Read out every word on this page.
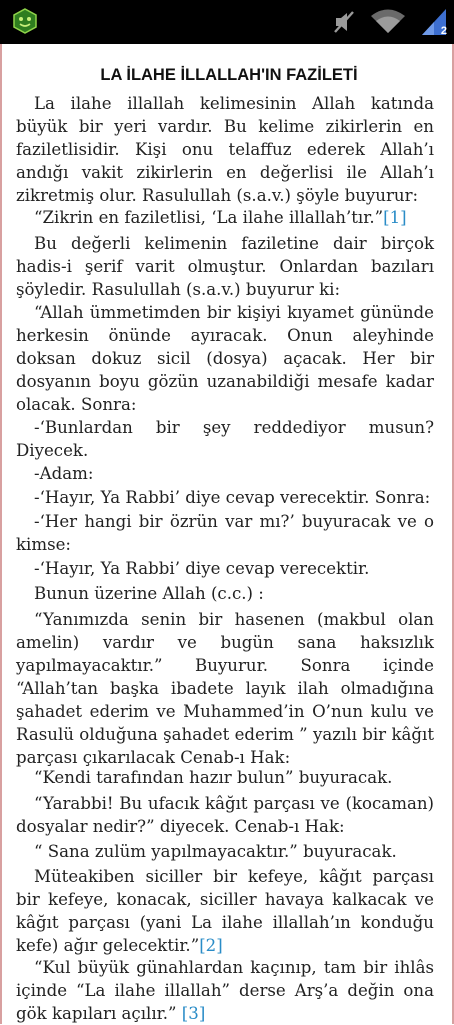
2
LA İLAHE İLLALLAH'IN FAZİLETİ

La ilahe illallah kelimesinin Allah katında büyük bir yeri vardır. Bu kelime zikirlerin en faziletlisidir. Kişi onu telaffuz ederek Allah’ı andığı vakit zikirlerin en değerlisi ile Allah’ı zikretmiş olur. Rasulullah (s.a.v.) şöyle buyurur:

“Zikrin en faziletlisi, ‘La ilahe illallah’tır.”[1]

Bu değerli kelimenin faziletine dair birçok hadis-i şerif varit olmuştur. Onlardan bazıları şöyledir. Rasulullah (s.a.v.) buyurur ki:

“Allah ümmetimden bir kişiyi kıyamet gününde herkesin önünde ayıracak. Onun aleyhinde doksan dokuz sicil (dosya) açacak. Her bir dosyanın boyu gözün uzanabildiği mesafe kadar olacak. Sonra:

-‘Bunlardan bir şey reddediyor musun? Diyecek.

-Adam:

-‘Hayır, Ya Rabbi’ diye cevap verecektir. Sonra:

-‘Her hangi bir özrün var mı?’ buyuracak ve o kimse:

-‘Hayır, Ya Rabbi’ diye cevap verecektir.

Bunun üzerine Allah (c.c.) :

“Yanımızda senin bir hasenen (makbul olan amelin) vardır ve bugün sana haksızlık yapılmayacaktır.” Buyurur. Sonra içinde “Allah’tan başka ibadete layık ilah olmadığına şahadet ederim ve Muhammed’in O’nun kulu ve Rasulü olduğuna şahadet ederim ” yazılı bir kâğıt parçası çıkarılacak Cenab-ı Hak:

“Kendi tarafından hazır bulun” buyuracak.

“Yarabbi! Bu ufacık kâğıt parçası ve (kocaman) dosyalar nedir?” diyecek. Cenab-ı Hak:

“ Sana zulüm yapılmayacaktır.” buyuracak.

Müteakiben siciller bir kefeye, kâğıt parçası bir kefeye, konacak, siciller havaya kalkacak ve kâğıt parçası (yani La ilahe illallah’ın konduğu kefe) ağır gelecektir.”[2]

“Kul büyük günahlardan kaçınıp, tam bir ihlâs içinde “La ilahe illallah” derse Arş’a değin ona gök kapıları açılır.” [3]
